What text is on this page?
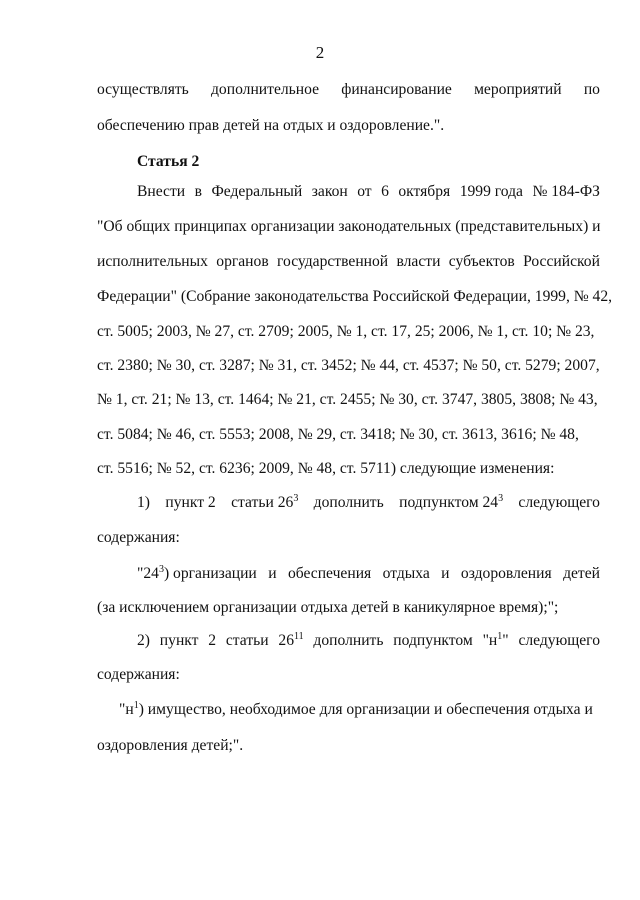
2
осуществлять дополнительное финансирование мероприятий по
обеспечению прав детей на отдых и оздоровление.".
Статья 2
Внести в Федеральный закон от 6 октября 1999 года № 184-ФЗ
"Об общих принципах организации законодательных (представительных) и
исполнительных органов государственной власти субъектов Российской
Федерации" (Собрание законодательства Российской Федерации, 1999, № 42,
ст. 5005; 2003, № 27, ст. 2709; 2005, № 1, ст. 17, 25; 2006, № 1, ст. 10; № 23,
ст. 2380; № 30, ст. 3287; № 31, ст. 3452; № 44, ст. 4537; № 50, ст. 5279; 2007,
№ 1, ст. 21; № 13, ст. 1464; № 21, ст. 2455; № 30, ст. 3747, 3805, 3808; № 43,
ст. 5084; № 46, ст. 5553; 2008, № 29, ст. 3418; № 30, ст. 3613, 3616; № 48,
ст. 5516; № 52, ст. 6236; 2009, № 48, ст. 5711) следующие изменения:
1) пункт 2 статьи $26^3$ дополнить подпунктом $24^3$ следующего
содержания:
"$24^3$) организации и обеспечения отдыха и оздоровления детей
(за исключением организации отдыха детей в каникулярное время);";
2) пункт 2 статьи $26^{11}$ дополнить подпунктом "$н^1$" следующего
содержания:
"$н^1$) имущество, необходимое для организации и обеспечения отдыха и
оздоровления детей;".
